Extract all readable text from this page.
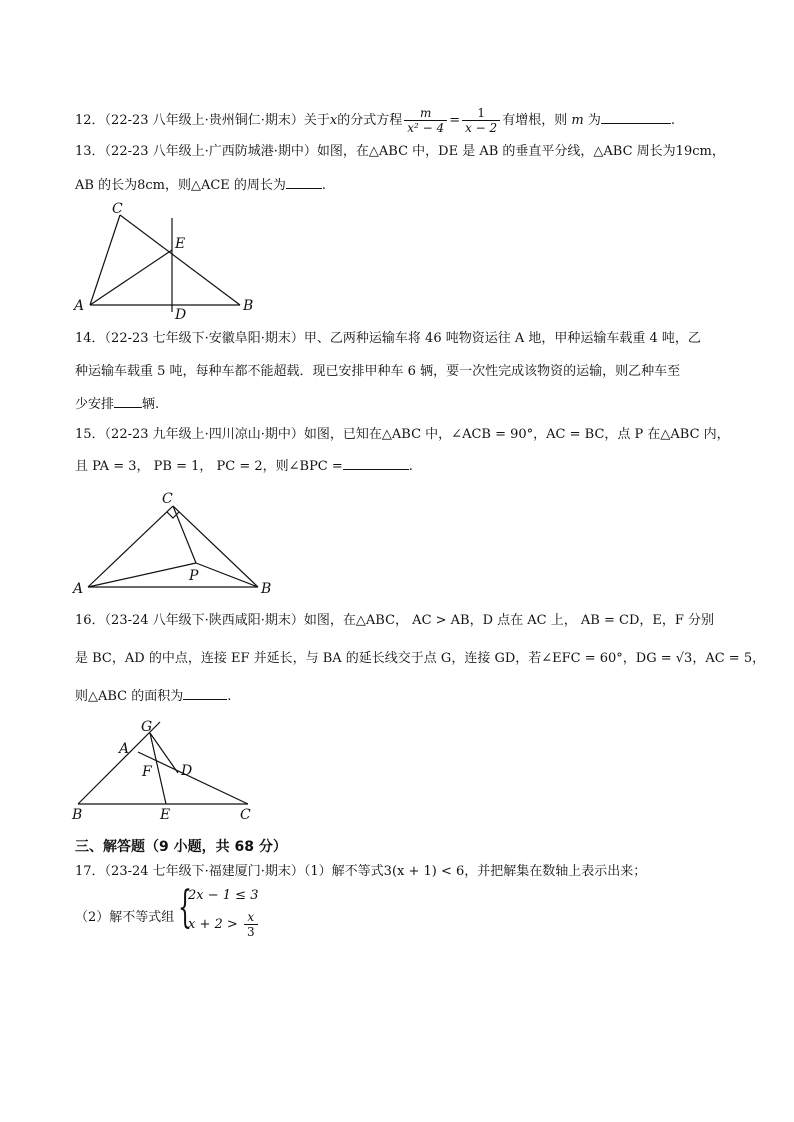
12．（22-23 八年级上·贵州铜仁·期末）关于x的分式方程 $\frac{m}{\text{x² − 4}} = \frac{1}{x - 2}$ 有增根，则 m 为	.
13．（22-23 八年级上·广西防城港·期中）如图，在△ABC 中，DE 是 AB 的垂直平分线，△ABC 周长为19cm，
AB 的长为8cm，则△ACE 的周长为	.
C
E
A
D
B
14．（22-23 七年级下·安徽阜阳·期末）甲、乙两种运输车将 46 吨物资运往 A 地，甲种运输车载重 4 吨，乙
种运输车载重 5 吨，每种车都不能超载．现已安排甲种车 6 辆，要一次性完成该物资的运输，则乙种车至
少安排 辆.
15．（22-23 九年级上·四川凉山·期中）如图，已知在△ABC 中，∠ACB = 90°，AC = BC，点 P 在△ABC 内，
且 PA = 3， PB = 1， PC = 2，则∠BPC =	.
C
P
A	B
16．（23-24 八年级下·陕西咸阳·期末）如图，在△ABC， AC > AB，D 点在 AC 上， AB = CD，E，F 分别
是 BC，AD 的中点，连接 EF 并延长，与 BA 的延长线交于点 G，连接 GD，若∠EFC = 60°，DG = √3，AC = 5，
则△ABC 的面积为	.
G
A
F D
B	E	C
三、解答题（9 小题，共 68 分）
17．（23-24 七年级下·福建厦门·期末）（1）解不等式3(x + 1) < 6，并把解集在数轴上表示出来；
（2）解不等式组 {
2x − 1 ≤ 3
$x + 2 > \frac{x}{3}$
